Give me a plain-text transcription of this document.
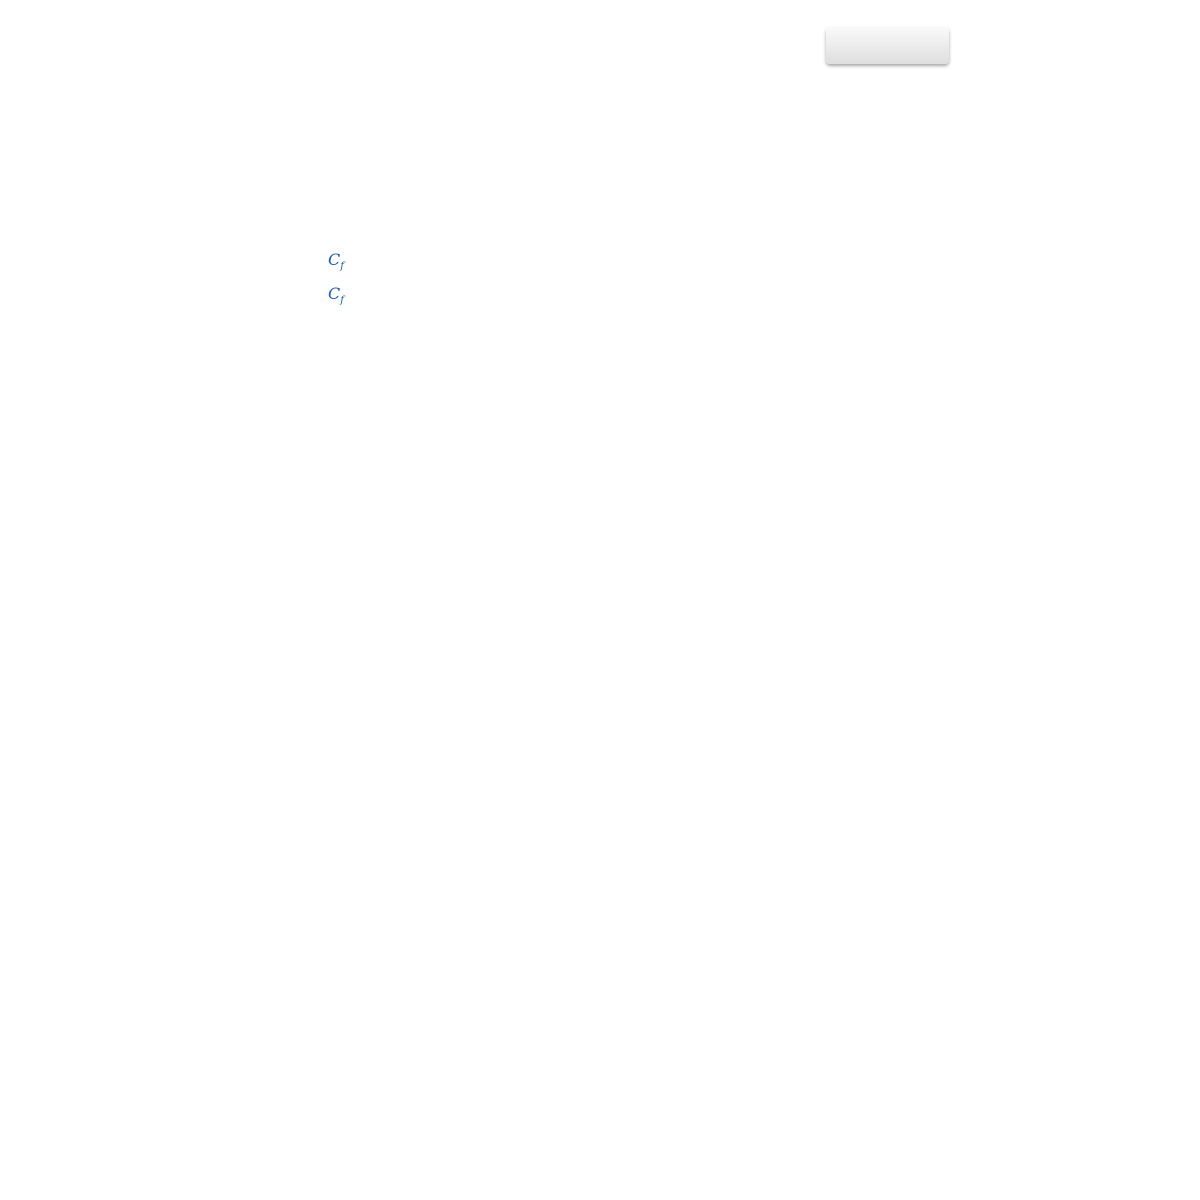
$C_f$
$C_f$
